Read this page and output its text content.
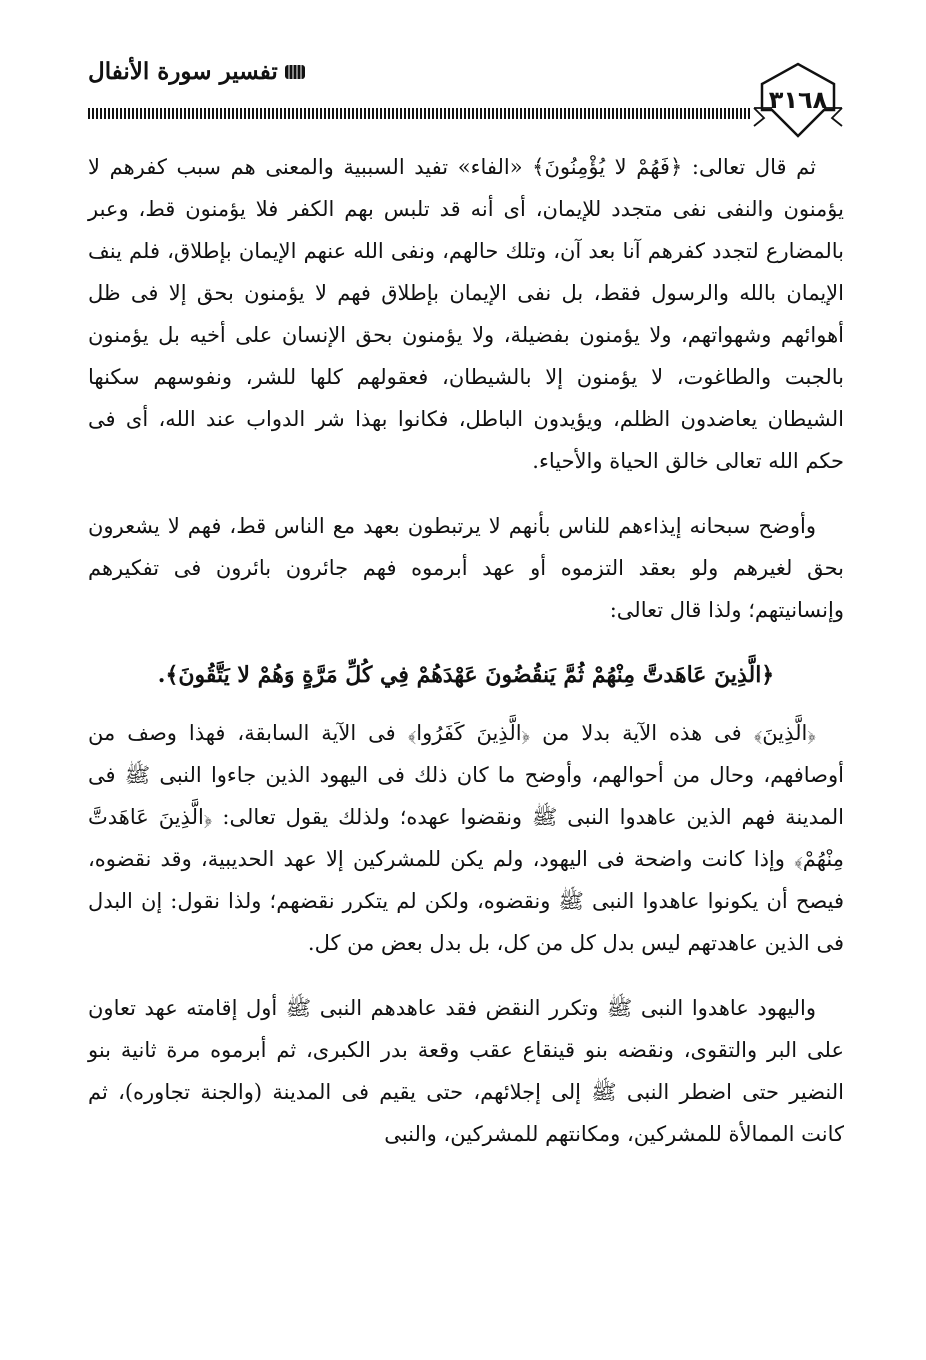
تفسير سورة الأنفال
٣١٦٨

ثم قال تعالى: ﴿فَهُمْ لا يُؤْمِنُونَ﴾ «الفاء» تفيد السببية والمعنى هم سبب كفرهم لا يؤمنون والنفى نفى متجدد للإيمان، أى أنه قد تلبس بهم الكفر فلا يؤمنون قط، وعبر بالمضارع لتجدد كفرهم آنا بعد آن، وتلك حالهم، ونفى الله عنهم الإيمان بإطلاق، فلم ينف الإيمان بالله والرسول فقط، بل نفى الإيمان بإطلاق فهم لا يؤمنون بحق إلا فى ظل أهوائهم وشهواتهم، ولا يؤمنون بفضيلة، ولا يؤمنون بحق الإنسان على أخيه بل يؤمنون بالجبت والطاغوت، لا يؤمنون إلا بالشيطان، فعقولهم كلها للشر، ونفوسهم سكنها الشيطان يعاضدون الظلم، ويؤيدون الباطل، فكانوا بهذا شر الدواب عند الله، أى فى حكم الله تعالى خالق الحياة والأحياء.

وأوضح سبحانه إيذاءهم للناس بأنهم لا يرتبطون بعهد مع الناس قط، فهم لا يشعرون بحق لغيرهم ولو بعقد التزموه أو عهد أبرموه فهم جائرون بائرون فى تفكيرهم وإنسانيتهم؛ ولذا قال تعالى:

﴿الَّذِينَ عَاهَدتَّ مِنْهُمْ ثُمَّ يَنقُضُونَ عَهْدَهُمْ فِي كُلِّ مَرَّةٍ وَهُمْ لا يَتَّقُونَ﴾.

﴿الَّذِينَ﴾ فى هذه الآية بدلا من ﴿الَّذِينَ كَفَرُوا﴾ فى الآية السابقة، فهذا وصف من أوصافهم، وحال من أحوالهم، وأوضح ما كان ذلك فى اليهود الذين جاءوا النبى ﷺ فى المدينة فهم الذين عاهدوا النبى ﷺ ونقضوا عهده؛ ولذلك يقول تعالى: ﴿الَّذِينَ عَاهَدتَّ مِنْهُمْ﴾ وإذا كانت واضحة فى اليهود، ولم يكن للمشركين إلا عهد الحديبية، وقد نقضوه، فيصح أن يكونوا عاهدوا النبى ﷺ ونقضوه، ولكن لم يتكرر نقضهم؛ ولذا نقول: إن البدل فى الذين عاهدتهم ليس بدل كل من كل، بل بدل بعض من كل.

واليهود عاهدوا النبى ﷺ وتكرر النقض فقد عاهدهم النبى ﷺ أول إقامته عهد تعاون على البر والتقوى، ونقضه بنو قينقاع عقب وقعة بدر الكبرى، ثم أبرموه مرة ثانية بنو النضير حتى اضطر النبى ﷺ إلى إجلائهم، حتى يقيم فى المدينة (والجنة تجاوره)، ثم كانت الممالأة للمشركين، ومكانتهم للمشركين، والنبى
